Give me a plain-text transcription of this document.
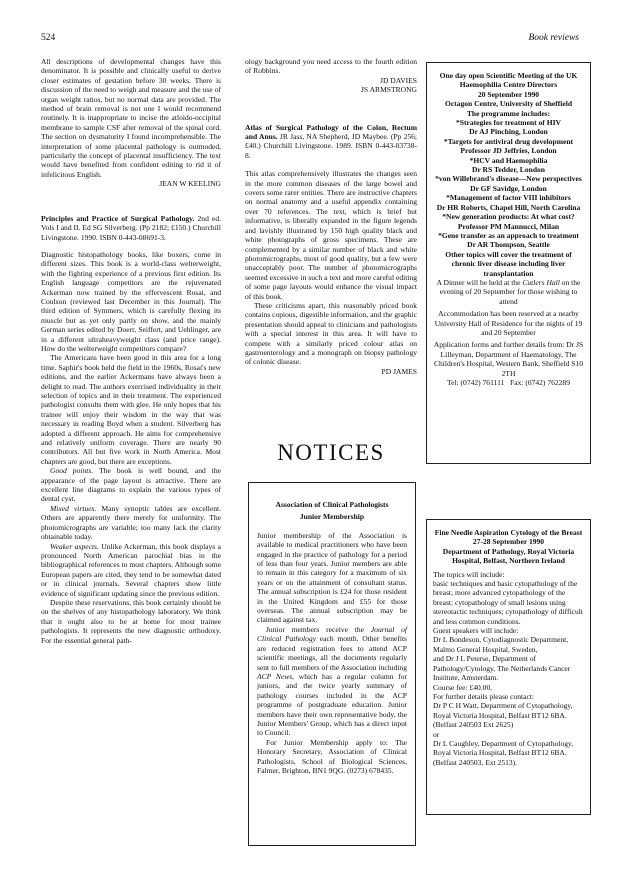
524	Book reviews

All descriptions of developmental changes have this denominator. It is possible and clinically useful to derive closer estimates of gestation before 30 weeks. There is discussion of the need to weigh and measure and the use of organ weight ratios, but no normal data are provided. The method of brain removal is not one I would recommend routinely. It is inappropriate to incise the atloido-occipital membrane to sample CSF after removal of the spinal cord. The section on dysmaturity I found incomprehensible. The interpretation of some placental pathology is outmoded, particularly the concept of placental insufficiency. The text would have benefited from confident editing to rid it of infelicitous English.

JEAN W KEELING

Principles and Practice of Surgical Pathology. 2nd ed. Vols I and II. Ed SG Silverberg. (Pp 2182; £150.) Churchill Livingstone. 1990. ISBN 0-443-08691-3.

Diagnostic histopathology books, like boxers, come in different sizes. This book is a world-class welterweight, with the fighting experience of a previous first edition. Its English language competitors are the rejuvenated Ackerman now trained by the effervescent Rosai, and Coulson (reviewed last December in this Journal). The third edition of Symmers, which is carefully flexing its muscle but as yet only partly on show, and the mainly German series edited by Doerr, Seiffert, and Uehlinger, are in a different ultraheavyweight class (and price range). How do the welterweight competitors compare?

The Americans have been good in this area for a long time. Saphir's book held the field in the 1960s, Rosai's new editions, and the earlier Ackermans have always been a delight to read. The authors exercised individuality in their selection of topics and in their treatment. The experienced pathologist consults them with glee. He only hopes that his trainee will enjoy their wisdom in the way that was necessary in reading Boyd when a student. Silverberg has adopted a different approach. He aims for comprehensive and relatively uniform coverage. There are nearly 90 contributors. All but five work in North America. Most chapters are good, but there are exceptions.

Good points. The book is well bound, and the appearance of the page layout is attractive. There are excellent line diagrams to explain the various types of dental cyst.

Mixed virtues. Many synoptic tables are excellent. Others are apparently there merely for uniformity. The photomicrographs are variable; too many lack the clarity obtainable today.

Weaker aspects. Unlike Ackerman, this book displays a pronounced North American parochial bias in the bibliographical references to most chapters. Although some European papers are cited, they tend to be somewhat dated or in clinical journals. Several chapters show little evidence of significant updating since the previous edition.

Despite these reservations, this book certainly should be on the shelves of any histopathology laboratory. We think that it ought also to be at home for most trainee pathologists. It represents the new diagnostic orthodoxy. For the essential general path-

ology background you need access to the fourth edition of Robbins.

JD DAVIES

JS ARMSTRONG

Atlas of Surgical Pathology of the Colon, Rectum and Anus. JR Jass, NA Shepherd, JD Maybee. (Pp 256; £40.) Churchill Livingstone. 1989. ISBN 0-443-03738-8.

This atlas comprehensively illustrates the changes seen in the more common diseases of the large bowel and covers some rarer entities. There are instructive chapters on normal anatomy and a useful appendix containing over 70 references. The text, which is brief but informative, is liberally expanded in the figure legends and lavishly illustrated by 150 high quality black and white photographs of gross specimens. These are complemented by a similar number of black and white photomicrographs, most of good quality, but a few were unacceptably poor. The number of photomicrographs seemed excessive in such a text and more careful editing of some page layouts would enhance the visual impact of this book.

These criticisms apart, this reasonably priced book contains copious, digestible information, and the graphic presentation should appeal to clinicians and pathologists with a special interest in this area. It will have to compete with a similarly priced colour atlas on gastroenterology and a monograph on biopsy pathology of colonic disease.

PD JAMES

NOTICES
Association of Clinical Pathologists
Junior Membership

Junior membership of the Association is available to medical practitioners who have been engaged in the practice of pathology for a period of less than four years. Junior members are able to remain in this category for a maximum of six years or on the attainment of consultant status. The annual subscription is £24 for those resident in the United Kingdom and £55 for those overseas. The annual subscription may be claimed against tax.

Junior members receive the Journal of Clinical Pathology each month. Other benefits are reduced registration fees to attend ACP scientific meetings, all the documents regularly sent to full members of the Association including ACP News, which has a regular column for juniors, and the twice yearly summary of pathology courses included in the ACP programme of postgraduate education. Junior members have their own representative body, the Junior Members' Group, which has a direct input to Council.

For Junior Membership apply to: The Honorary Secretary, Association of Clinical Pathologists, School of Biological Sciences, Falmer, Brighton, BN1 9QG. (0273) 678435.

One day open Scientific Meeting of the UK Haemophilia Centre Directors
20 September 1990
Octagon Centre, University of Sheffield
The programme includes:
*Strategies for treatment of HIV
Dr AJ Pinching, London
*Targets for antiviral drug development
Professor JD Jeffries, London
*HCV and Haemophilia
Dr RS Tedder, London
*von Willebrand's disease—New perspectives
Dr GF Savidge, London
*Management of factor VIII inhibitors
Dr HR Roberts, Chapel Hill, North Carolina
*New generation products: At what cost?
Professor PM Mannucci, Milan
*Gene transfer as an approach to treatment
Dr AR Thompson, Seattle
Other topics will cover the treatment of chronic liver disease including liver transplantation
A Dinner will be held at the Cutlers Hall on the evening of 20 September for those wishing to attend
Accommodation has been reserved at a nearby University Hall of Residence for the nights of 19 and 20 September
Application forms and further details from: Dr JS Lilleyman, Department of Haematology, The Children's Hospital, Western Bank, Sheffield S10 2TH
Tel: (0742) 761111 Fax: (0742) 762289
Fine Needle Aspiration Cytology of the Breast
27-28 September 1990
Department of Pathology, Royal Victoria Hospital, Belfast, Northern Ireland
The topics will include:
basic techniques and basic cytopathology of the breast; more advanced cytopathology of the breast; cytopathology of small lesions using stereotactic techniques; cytopathology of difficult and less common conditions.
Guest speakers will include:
Dr L Bondeson, Cytodiagnostic Department, Malmo General Hospital, Sweden,
and Dr J L Peterse, Department of Pathology/Cytology, The Netherlands Cancer Institute, Amsterdam.
Course fee: £40.00.
For further details please contact:
Dr P C H Watt, Department of Cytopathology, Royal Victoria Hospital, Belfast BT12 6BA. (Belfast 240503 Ext 2625)
or
Dr L Caughley, Department of Cytopathology, Royal Victoria Hospital, Belfast BT12 6BA. (Belfast 240503, Ext 2513).
